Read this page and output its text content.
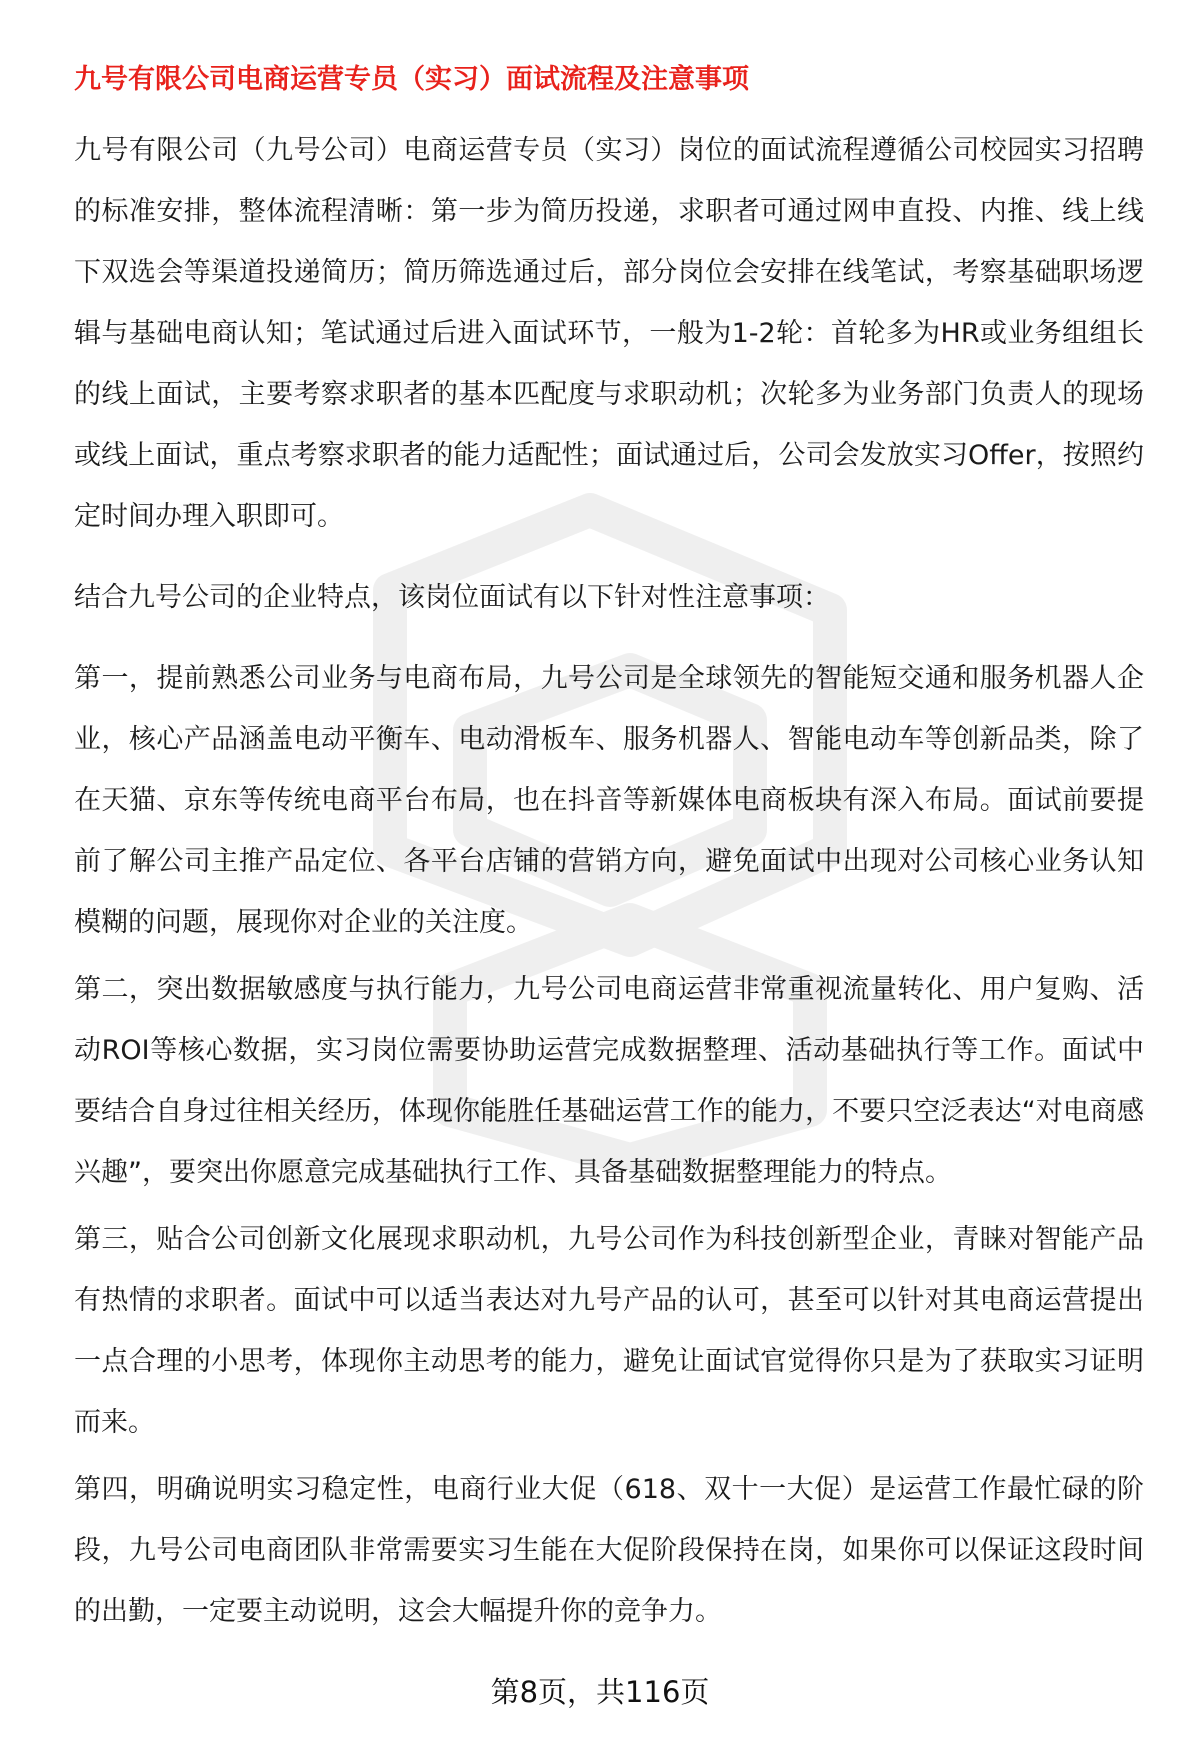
九号有限公司电商运营专员（实习）面试流程及注意事项

九号有限公司（九号公司）电商运营专员（实习）岗位的面试流程遵循公司校园实习招聘的标准安排，整体流程清晰：第一步为简历投递，求职者可通过网申直投、内推、线上线下双选会等渠道投递简历；简历筛选通过后，部分岗位会安排在线笔试，考察基础职场逻辑与基础电商认知；笔试通过后进入面试环节，一般为1-2轮：首轮多为HR或业务组组长的线上面试，主要考察求职者的基本匹配度与求职动机；次轮多为业务部门负责人的现场或线上面试，重点考察求职者的能力适配性；面试通过后，公司会发放实习Offer，按照约定时间办理入职即可。

结合九号公司的企业特点，该岗位面试有以下针对性注意事项：

第一，提前熟悉公司业务与电商布局，九号公司是全球领先的智能短交通和服务机器人企业，核心产品涵盖电动平衡车、电动滑板车、服务机器人、智能电动车等创新品类，除了在天猫、京东等传统电商平台布局，也在抖音等新媒体电商板块有深入布局。面试前要提前了解公司主推产品定位、各平台店铺的营销方向，避免面试中出现对公司核心业务认知模糊的问题，展现你对企业的关注度。

第二，突出数据敏感度与执行能力，九号公司电商运营非常重视流量转化、用户复购、活动ROI等核心数据，实习岗位需要协助运营完成数据整理、活动基础执行等工作。面试中要结合自身过往相关经历，体现你能胜任基础运营工作的能力，不要只空泛表达“对电商感兴趣”，要突出你愿意完成基础执行工作、具备基础数据整理能力的特点。

第三，贴合公司创新文化展现求职动机，九号公司作为科技创新型企业，青睐对智能产品有热情的求职者。面试中可以适当表达对九号产品的认可，甚至可以针对其电商运营提出一点合理的小思考，体现你主动思考的能力，避免让面试官觉得你只是为了获取实习证明而来。

第四，明确说明实习稳定性，电商行业大促（618、双十一大促）是运营工作最忙碌的阶段，九号公司电商团队非常需要实习生能在大促阶段保持在岗，如果你可以保证这段时间的出勤，一定要主动说明，这会大幅提升你的竞争力。

第8页，共116页
